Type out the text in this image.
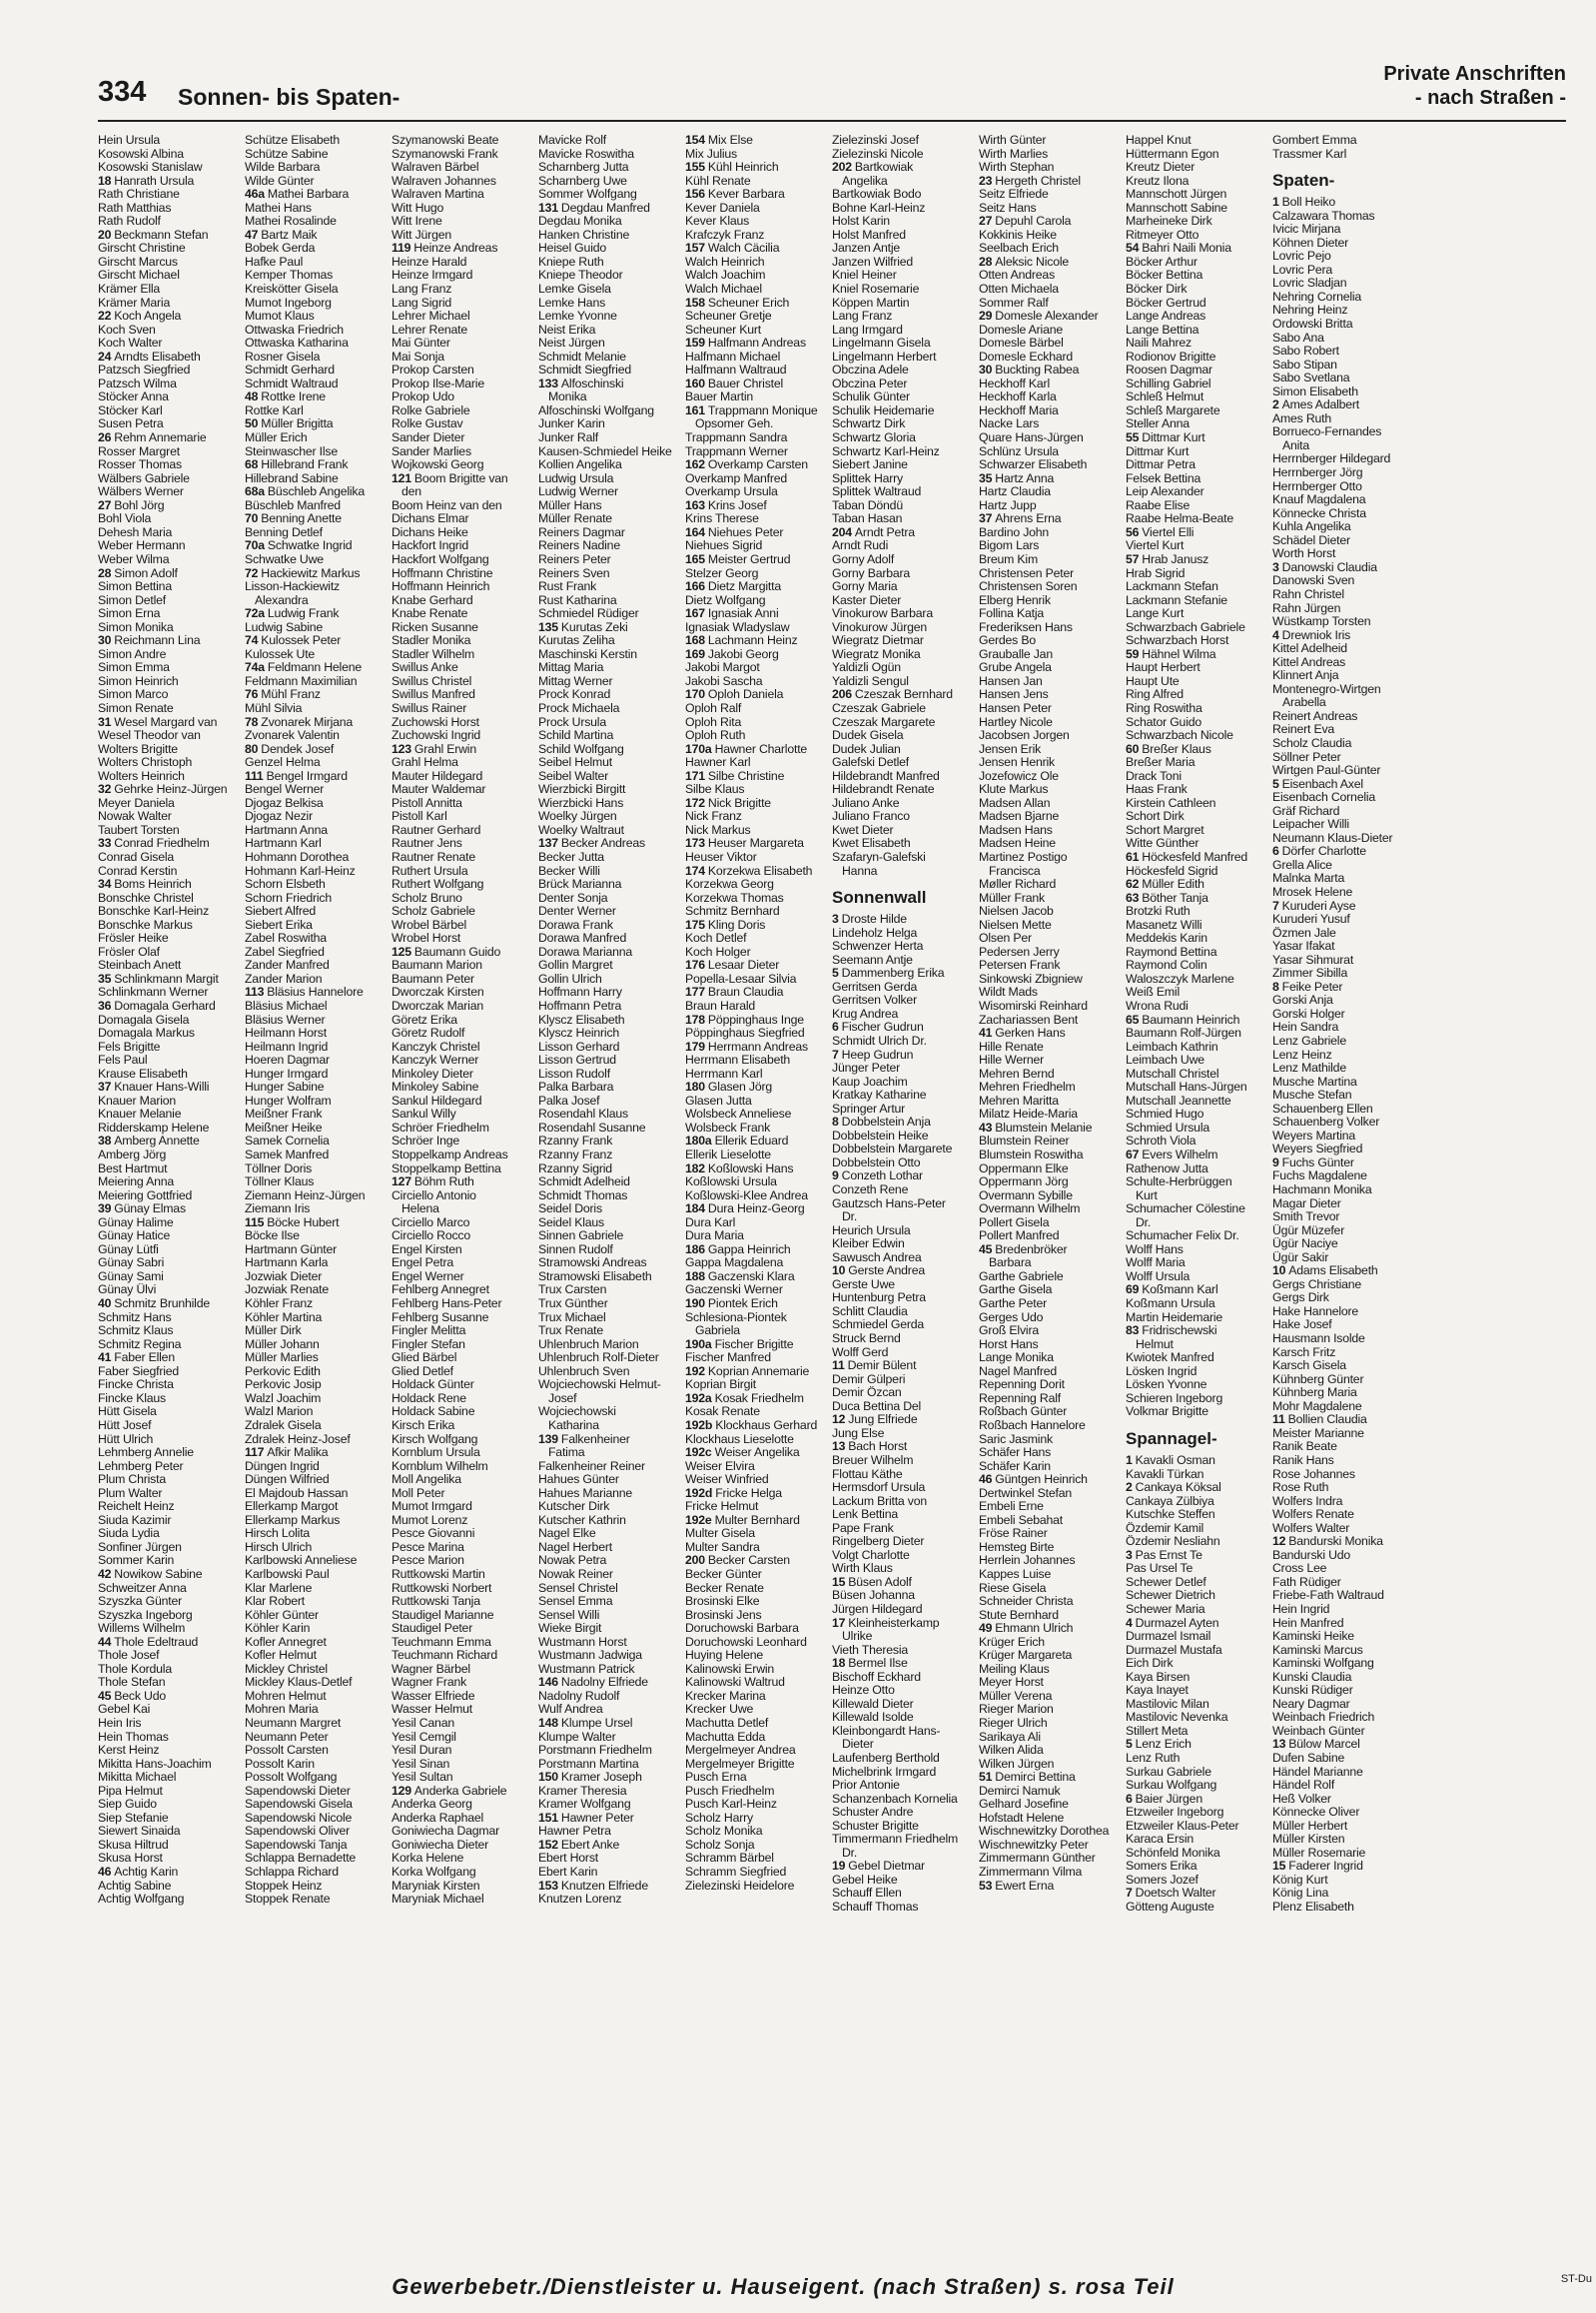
334 Sonnen- bis Spaten-
Private Anschriften
- nach Straßen -
Hein Ursula
Kosowski Albina
Kosowski Stanislaw
18 Hanrath Ursula
Rath Christiane
Rath Matthias
Rath Rudolf
20 Beckmann Stefan
Girscht Christine
Girscht Marcus
Girscht Michael
Krämer Ella
Krämer Maria
22 Koch Angela
Koch Sven
Koch Walter
24 Arndts Elisabeth
Patzsch Siegfried
Patzsch Wilma
Stöcker Anna
Stöcker Karl
Susen Petra
26 Rehm Annemarie
Rosser Margret
Rosser Thomas
Wälbers Gabriele
Wälbers Werner
27 Bohl Jörg
Bohl Viola
Dehesh Maria
Weber Hermann
Weber Wilma
28 Simon Adolf
Simon Bettina
Simon Detlef
Simon Erna
Simon Monika
30 Reichmann Lina
Simon Andre
Simon Emma
Simon Heinrich
Simon Marco
Simon Renate
31 Wesel Margard van
Wesel Theodor van
Wolters Brigitte
Wolters Christoph
Wolters Heinrich
32 Gehrke Heinz-Jürgen
Meyer Daniela
Nowak Walter
Taubert Torsten
33 Conrad Friedhelm
Conrad Gisela
Conrad Kerstin
34 Boms Heinrich
Bonschke Christel
Bonschke Karl-Heinz
Bonschke Markus
Frösler Heike
Frösler Olaf
Steinbach Anett
35 Schlinkmann Margit
Schlinkmann Werner
36 Domagala Gerhard
Domagala Gisela
Domagala Markus
Fels Brigitte
Fels Paul
Krause Elisabeth
37 Knauer Hans-Willi
Knauer Marion
Knauer Melanie
Ridderskamp Helene
38 Amberg Annette
Amberg Jörg
Best Hartmut
Meiering Anna
Meiering Gottfried
39 Günay Elmas
Günay Halime
Günay Hatice
Günay Lütfi
Günay Sabri
Günay Sami
Günay Ülvi
40 Schmitz Brunhilde
Schmitz Hans
Schmitz Klaus
Schmitz Regina
41 Faber Ellen
Faber Siegfried
Fincke Christa
Fincke Klaus
Hütt Gisela
Hütt Josef
Hütt Ulrich
Lehmberg Annelie
Lehmberg Peter
Plum Christa
Plum Walter
Reichelt Heinz
Siuda Kazimir
Siuda Lydia
Sonfiner Jürgen
Sommer Karin
42 Nowikow Sabine
Schweitzer Anna
Szyszka Günter
Szyszka Ingeborg
Willems Wilhelm
44 Thole Edeltraud
Thole Josef
Thole Kordula
Thole Stefan
45 Beck Udo
Gebel Kai
Hein Iris
Hein Thomas
Kerst Heinz
Mikitta Hans-Joachim
Mikitta Michael
Pipa Helmut
Siep Guido
Siep Stefanie
Siewert Sinaida
Skusa Hiltrud
Skusa Horst
46 Achtig Karin
Achtig Sabine
Achtig Wolfgang
Schütze Elisabeth
Schütze Sabine
Wilde Barbara
Wilde Günter
46a Mathei Barbara
Mathei Hans
Mathei Rosalinde
47 Bartz Maik
Bobek Gerda
Hafke Paul
Kemper Thomas
Kreiskötter Gisela
Mumot Ingeborg
Mumot Klaus
Ottwaska Friedrich
Ottwaska Katharina
Rosner Gisela
Schmidt Gerhard
Schmidt Waltraud
48 Rottke Irene
Rottke Karl
50 Müller Brigitta
Müller Erich
Steinwascher Ilse
68 Hillebrand Frank
Hillebrand Sabine
68a Büschleb Angelika
Büschleb Manfred
70 Benning Anette
Benning Detlef
70a Schwatke Ingrid
Schwatke Uwe
72 Hackiewitz Markus
Lisson-Hackiewitz
Alexandra
72a Ludwig Frank
Ludwig Sabine
74 Kulossek Peter
Kulossek Ute
74a Feldmann Helene
Feldmann Maximilian
76 Mühl Franz
Mühl Silvia
78 Zvonarek Mirjana
Zvonarek Valentin
80 Dendek Josef
Genzel Helma
111 Bengel Irmgard
Bengel Werner
Djogaz Belkisa
Djogaz Nezir
Hartmann Anna
Hartmann Karl
Hohmann Dorothea
Hohmann Karl-Heinz
Schorn Elsbeth
Schorn Friedrich
Siebert Alfred
Siebert Erika
Zabel Roswitha
Zabel Siegfried
Zander Manfred
Zander Marion
113 Bläsius Hannelore
Bläsius Michael
Bläsius Werner
Heilmann Horst
Heilmann Ingrid
Hoeren Dagmar
Hunger Irmgard
Hunger Sabine
Hunger Wolfram
Meißner Frank
Meißner Heike
Samek Cornelia
Samek Manfred
Töllner Doris
Töllner Klaus
Ziemann Heinz-Jürgen
Ziemann Iris
115 Böcke Hubert
Böcke Ilse
Hartmann Günter
Hartmann Karla
Jozwiak Dieter
Jozwiak Renate
Köhler Franz
Köhler Martina
Müller Dirk
Müller Johann
Müller Marlies
Perkovic Edith
Perkovic Josip
Walzl Joachim
Walzl Marion
Zdralek Gisela
Zdralek Heinz-Josef
117 Afkir Malika
Düngen Ingrid
Düngen Wilfried
El Majdoub Hassan
Ellerkamp Margot
Ellerkamp Markus
Hirsch Lolita
Hirsch Ulrich
Karlbowski Anneliese
Karlbowski Paul
Klar Marlene
Klar Robert
Köhler Günter
Köhler Karin
Kofler Annegret
Kofler Helmut
Mickley Christel
Mickley Klaus-Detlef
Mohren Helmut
Mohren Maria
Neumann Margret
Neumann Peter
Possolt Carsten
Possolt Karin
Possolt Wolfgang
Sapendowski Dieter
Sapendowski Gisela
Sapendowski Nicole
Sapendowski Oliver
Sapendowski Tanja
Schlappa Bernadette
Schlappa Richard
Stoppek Heinz
Stoppek Renate
Szymanowski Beate
Szymanowski Frank
Walraven Bärbel
Walraven Johannes
Walraven Martina
Witt Hugo
Witt Irene
Witt Jürgen
119 Heinze Andreas
Heinze Harald
Heinze Irmgard
Lang Franz
Lang Sigrid
Lehrer Michael
Lehrer Renate
Mai Günter
Mai Sonja
Prokop Carsten
Prokop Ilse-Marie
Prokop Udo
Rolke Gabriele
Rolke Gustav
Sander Dieter
Sander Marlies
Wojkowski Georg
121 Boom Brigitte van
den
Boom Heinz van den
Dichans Elmar
Dichans Heike
Hackfort Ingrid
Hackfort Wolfgang
Hoffmann Christine
Hoffmann Heinrich
Knabe Gerhard
Knabe Renate
Ricken Susanne
Stadler Monika
Stadler Wilhelm
Swillus Anke
Swillus Christel
Swillus Manfred
Swillus Rainer
Zuchowski Horst
Zuchowski Ingrid
123 Grahl Erwin
Grahl Helma
Mauter Hildegard
Mauter Waldemar
Pistoll Annitta
Pistoll Karl
Rautner Gerhard
Rautner Jens
Rautner Renate
Ruthert Ursula
Ruthert Wolfgang
Scholz Bruno
Scholz Gabriele
Wrobel Bärbel
Wrobel Horst
125 Baumann Guido
Baumann Marion
Baumann Peter
Dworczak Kirsten
Dworczak Marian
Göretz Erika
Göretz Rudolf
Kanczyk Christel
Kanczyk Werner
Minkoley Dieter
Minkoley Sabine
Sankul Hildegard
Sankul Willy
Schröer Friedhelm
Schröer Inge
Stoppelkamp Andreas
Stoppelkamp Bettina
127 Böhm Ruth
Circiello Antonio
Helena
Circiello Marco
Circiello Rocco
Engel Kirsten
Engel Petra
Engel Werner
Fehlberg Annegret
Fehlberg Hans-Peter
Fehlberg Susanne
Fingler Melitta
Fingler Stefan
Glied Bärbel
Glied Detlef
Holdack Günter
Holdack Rene
Holdack Sabine
Kirsch Erika
Kirsch Wolfgang
Kornblum Ursula
Kornblum Wilhelm
Moll Angelika
Moll Peter
Mumot Irmgard
Mumot Lorenz
Pesce Giovanni
Pesce Marina
Pesce Marion
Ruttkowski Martin
Ruttkowski Norbert
Ruttkowski Tanja
Staudigel Marianne
Staudigel Peter
Teuchmann Emma
Teuchmann Richard
Wagner Bärbel
Wagner Frank
Wasser Elfriede
Wasser Helmut
Yesil Canan
Yesil Cemgil
Yesil Duran
Yesil Sinan
Yesil Sultan
129 Anderka Gabriele
Anderka Georg
Anderka Raphael
Goniwiecha Dagmar
Goniwiecha Dieter
Korka Helene
Korka Wolfgang
Maryniak Kirsten
Maryniak Michael
Mavicke Rolf
Mavicke Roswitha
Scharnberg Jutta
Scharnberg Uwe
Sommer Wolfgang
131 Degdau Manfred
Degdau Monika
Hanken Christine
Heisel Guido
Kniepe Ruth
Kniepe Theodor
Lemke Gisela
Lemke Hans
Lemke Yvonne
Neist Erika
Neist Jürgen
Schmidt Melanie
Schmidt Siegfried
133 Alfoschinski
Monika
Alfoschinski Wolfgang
Junker Karin
Junker Ralf
Kausen-Schmiedel Heike
Kollien Angelika
Ludwig Ursula
Ludwig Werner
Müller Hans
Müller Renate
Reiners Dagmar
Reiners Nadine
Reiners Peter
Reiners Sven
Rust Frank
Rust Katharina
Schmiedel Rüdiger
135 Kurutas Zeki
Kurutas Zeliha
Maschinski Kerstin
Mittag Maria
Mittag Werner
Prock Konrad
Prock Michaela
Prock Ursula
Schild Martina
Schild Wolfgang
Seibel Helmut
Seibel Walter
Wierzbicki Birgitt
Wierzbicki Hans
Woelky Jürgen
Woelky Waltraut
137 Becker Andreas
Becker Jutta
Becker Willi
Brück Marianna
Denter Sonja
Denter Werner
Dorawa Frank
Dorawa Manfred
Dorawa Marianna
Gollin Margret
Gollin Ulrich
Hoffmann Harry
Hoffmann Petra
Klyscz Elisabeth
Klyscz Heinrich
Lisson Gerhard
Lisson Gertrud
Lisson Rudolf
Palka Barbara
Palka Josef
Rosendahl Klaus
Rosendahl Susanne
Rzanny Frank
Rzanny Franz
Rzanny Sigrid
Schmidt Adelheid
Schmidt Thomas
Seidel Doris
Seidel Klaus
Sinnen Gabriele
Sinnen Rudolf
Stramowski Andreas
Stramowski Elisabeth
Trux Carsten
Trux Günther
Trux Michael
Trux Renate
Uhlenbruch Marion
Uhlenbruch Rolf-Dieter
Uhlenbruch Sven
Wojciechowski Helmut-
Josef
Wojciechowski
Katharina
139 Falkenheiner
Fatima
Falkenheiner Reiner
Hahues Günter
Hahues Marianne
Kutscher Dirk
Kutscher Kathrin
Nagel Elke
Nagel Herbert
Nowak Petra
Nowak Reiner
Sensel Christel
Sensel Emma
Sensel Willi
Wieke Birgit
Wustmann Horst
Wustmann Jadwiga
Wustmann Patrick
146 Nadolny Elfriede
Nadolny Rudolf
Wulf Andrea
148 Klumpe Ursel
Klumpe Walter
Porstmann Friedhelm
Porstmann Martina
150 Kramer Joseph
Kramer Theresia
Kramer Wolfgang
151 Hawner Peter
Hawner Petra
152 Ebert Anke
Ebert Horst
Ebert Karin
153 Knutzen Elfriede
Knutzen Lorenz
154 Mix Else
Mix Julius
155 Kühl Heinrich
Kühl Renate
156 Kever Barbara
Kever Daniela
Kever Klaus
Krafczyk Franz
157 Walch Cäcilia
Walch Heinrich
Walch Joachim
Walch Michael
158 Scheuner Erich
Scheuner Gretje
Scheuner Kurt
159 Halfmann Andreas
Halfmann Michael
Halfmann Waltraud
160 Bauer Christel
Bauer Martin
161 Trappmann Monique
Opsomer Geh.
Trappmann Sandra
Trappmann Werner
162 Overkamp Carsten
Overkamp Manfred
Overkamp Ursula
163 Krins Josef
Krins Therese
164 Niehues Peter
Niehues Sigrid
165 Meister Gertrud
Stelzer Georg
166 Dietz Margitta
Dietz Wolfgang
167 Ignasiak Anni
Ignasiak Wladyslaw
168 Lachmann Heinz
169 Jakobi Georg
Jakobi Margot
Jakobi Sascha
170 Oploh Daniela
Oploh Ralf
Oploh Rita
Oploh Ruth
170a Hawner Charlotte
Hawner Karl
171 Silbe Christine
Silbe Klaus
172 Nick Brigitte
Nick Franz
Nick Markus
173 Heuser Margareta
Heuser Viktor
174 Korzekwa Elisabeth
Korzekwa Georg
Korzekwa Thomas
Schmitz Bernhard
175 Kling Doris
Koch Detlef
Koch Holger
176 Lesaar Dieter
Popella-Lesaar Silvia
177 Braun Claudia
Braun Harald
178 Pöppinghaus Inge
Pöppinghaus Siegfried
179 Herrmann Andreas
Herrmann Elisabeth
Herrmann Karl
180 Glasen Jörg
Glasen Jutta
Wolsbeck Anneliese
Wolsbeck Frank
180a Ellerik Eduard
Ellerik Lieselotte
182 Koßlowski Hans
Koßlowski Ursula
Koßlowski-Klee Andrea
184 Dura Heinz-Georg
Dura Karl
Dura Maria
186 Gappa Heinrich
Gappa Magdalena
188 Gaczenski Klara
Gaczenski Werner
190 Piontek Erich
Schlesiona-Piontek
Gabriela
190a Fischer Brigitte
Fischer Manfred
192 Koprian Annemarie
Koprian Birgit
192a Kosak Friedhelm
Kosak Renate
192b Klockhaus Gerhard
Klockhaus Lieselotte
192c Weiser Angelika
Weiser Elvira
Weiser Winfried
192d Fricke Helga
Fricke Helmut
192e Multer Bernhard
Multer Gisela
Multer Sandra
200 Becker Carsten
Becker Günter
Becker Renate
Brosinski Elke
Brosinski Jens
Doruchowski Barbara
Doruchowski Leonhard
Huying Helene
Kalinowski Erwin
Kalinowski Waltrud
Krecker Marina
Krecker Uwe
Machutta Detlef
Machutta Edda
Mergelmeyer Andrea
Mergelmeyer Brigitte
Pusch Erna
Pusch Friedhelm
Pusch Karl-Heinz
Scholz Harry
Scholz Monika
Scholz Sonja
Schramm Bärbel
Schramm Siegfried
Zielezinski Heidelore
Zielezinski Josef
Zielezinski Nicole
202 Bartkowiak
Angelika
Bartkowiak Bodo
Bohne Karl-Heinz
Holst Karin
Holst Manfred
Janzen Antje
Janzen Wilfried
Kniel Heiner
Kniel Rosemarie
Köppen Martin
Lang Franz
Lang Irmgard
Lingelmann Gisela
Lingelmann Herbert
Obczina Adele
Obczina Peter
Schulik Günter
Schulik Heidemarie
Schwartz Dirk
Schwartz Gloria
Schwartz Karl-Heinz
Siebert Janine
Splittek Harry
Splittek Waltraud
Taban Döndü
Taban Hasan
204 Arndt Petra
Arndt Rudi
Gorny Adolf
Gorny Barbara
Gorny Maria
Kaster Dieter
Vinokurow Barbara
Vinokurow Jürgen
Wiegratz Dietmar
Wiegratz Monika
Yaldizli Ogün
Yaldizli Sengul
206 Czeszak Bernhard
Czeszak Gabriele
Czeszak Margarete
Dudek Gisela
Dudek Julian
Galefski Detlef
Hildebrandt Manfred
Hildebrandt Renate
Juliano Anke
Juliano Franco
Kwet Dieter
Kwet Elisabeth
Szafaryn-Galefski
Hanna
Sonnenwall
3 Droste Hilde
Lindeholz Helga
Schwenzer Herta
Seemann Antje
5 Dammenberg Erika
Gerritsen Gerda
Gerritsen Volker
Krug Andrea
6 Fischer Gudrun
Schmidt Ulrich Dr.
7 Heep Gudrun
Jünger Peter
Kaup Joachim
Kratkay Katharine
Springer Artur
8 Dobbelstein Anja
Dobbelstein Heike
Dobbelstein Margarete
Dobbelstein Otto
9 Conzeth Lothar
Conzeth Rene
Gautzsch Hans-Peter
Dr.
Heurich Ursula
Kleiber Edwin
Sawusch Andrea
10 Gerste Andrea
Gerste Uwe
Huntenburg Petra
Schlitt Claudia
Schmiedel Gerda
Struck Bernd
Wolff Gerd
11 Demir Bülent
Demir Gülperi
Demir Özcan
Duca Bettina Del
12 Jung Elfriede
Jung Else
13 Bach Horst
Breuer Wilhelm
Flottau Käthe
Hermsdorf Ursula
Lackum Britta von
Lenk Bettina
Pape Frank
Ringelberg Dieter
Volgt Charlotte
Wirth Klaus
15 Büsen Adolf
Büsen Johanna
Jürgen Hildegard
17 Kleinheisterkamp
Ulrike
Vieth Theresia
18 Bermel Ilse
Bischoff Eckhard
Heinze Otto
Killewald Dieter
Killewald Isolde
Kleinbongardt Hans-
Dieter
Laufenberg Berthold
Michelbrink Irmgard
Prior Antonie
Schanzenbach Kornelia
Schuster Andre
Schuster Brigitte
Timmermann Friedhelm
Dr.
19 Gebel Dietmar
Gebel Heike
Schauff Ellen
Schauff Thomas
Wirth Günter
Wirth Marlies
Wirth Stephan
23 Hergeth Christel
Seitz Elfriede
Seitz Hans
27 Depuhl Carola
Kokkinis Heike
Seelbach Erich
28 Aleksic Nicole
Otten Andreas
Otten Michaela
Sommer Ralf
29 Domesle Alexander
Domesle Ariane
Domesle Bärbel
Domesle Eckhard
30 Buckting Rabea
Heckhoff Karl
Heckhoff Karla
Heckhoff Maria
Nacke Lars
Quare Hans-Jürgen
Schlünz Ursula
Schwarzer Elisabeth
35 Hartz Anna
Hartz Claudia
Hartz Jupp
37 Ahrens Erna
Bardino John
Bigom Lars
Breum Kim
Christensen Peter
Christensen Soren
Elberg Henrik
Follina Katja
Frederiksen Hans
Gerdes Bo
Grauballe Jan
Grube Angela
Hansen Jan
Hansen Jens
Hansen Peter
Hartley Nicole
Jacobsen Jorgen
Jensen Erik
Jensen Henrik
Jozefowicz Ole
Klute Markus
Madsen Allan
Madsen Bjarne
Madsen Hans
Madsen Heine
Martinez Postigo
Francisca
Møller Richard
Müller Frank
Nielsen Jacob
Nielsen Mette
Olsen Per
Pedersen Jerry
Petersen Frank
Sinkowski Zbigniew
Wildt Mads
Wisomirski Reinhard
Zachariassen Bent
41 Gerken Hans
Hille Renate
Hille Werner
Mehren Bernd
Mehren Friedhelm
Mehren Maritta
Milatz Heide-Maria
43 Blumstein Melanie
Blumstein Reiner
Blumstein Roswitha
Oppermann Elke
Oppermann Jörg
Overmann Sybille
Overmann Wilhelm
Pollert Gisela
Pollert Manfred
45 Bredenbröker
Barbara
Garthe Gabriele
Garthe Gisela
Garthe Peter
Gerges Udo
Groß Elvira
Horst Hans
Lange Monika
Nagel Manfred
Repenning Dorit
Repenning Ralf
Roßbach Günter
Roßbach Hannelore
Saric Jasmink
Schäfer Hans
Schäfer Karin
46 Güntgen Heinrich
Dertwinkel Stefan
Embeli Erne
Embeli Sebahat
Fröse Rainer
Hemsteg Birte
Herrlein Johannes
Kappes Luise
Riese Gisela
Schneider Christa
Stute Bernhard
49 Ehmann Ulrich
Krüger Erich
Krüger Margareta
Meiling Klaus
Meyer Horst
Müller Verena
Rieger Marion
Rieger Ulrich
Sarikaya Ali
Wilken Alida
Wilken Jürgen
51 Demirci Bettina
Demirci Namuk
Gelhard Josefine
Hofstadt Helene
Wischnewitzky Dorothea
Wischnewitzky Peter
Zimmermann Günther
Zimmermann Vilma
53 Ewert Erna
Happel Knut
Hüttermann Egon
Kreutz Dieter
Kreutz Ilona
Mannschott Jürgen
Mannschott Sabine
Marheineke Dirk
Ritmeyer Otto
54 Bahri Naili Monia
Böcker Arthur
Böcker Bettina
Böcker Dirk
Böcker Gertrud
Lange Andreas
Lange Bettina
Naili Mahrez
Rodionov Brigitte
Roosen Dagmar
Schilling Gabriel
Schleß Helmut
Schleß Margarete
Steller Anna
55 Dittmar Kurt
Dittmar Kurt
Dittmar Petra
Felsek Bettina
Leip Alexander
Raabe Elise
Raabe Helma-Beate
56 Viertel Elli
Viertel Kurt
57 Hrab Janusz
Hrab Sigrid
Lackmann Stefan
Lackmann Stefanie
Lange Kurt
Schwarzbach Gabriele
Schwarzbach Horst
59 Hähnel Wilma
Haupt Herbert
Haupt Ute
Ring Alfred
Ring Roswitha
Schator Guido
Schwarzbach Nicole
60 Breßer Klaus
Breßer Maria
Drack Toni
Haas Frank
Kirstein Cathleen
Schort Dirk
Schort Margret
Witte Günther
61 Höckesfeld Manfred
Höckesfeld Sigrid
62 Müller Edith
63 Böther Tanja
Brotzki Ruth
Masanetz Willi
Meddekis Karin
Raymond Bettina
Raymond Colin
Waloszczyk Marlene
Weiß Emil
Wrona Rudi
65 Baumann Heinrich
Baumann Rolf-Jürgen
Leimbach Kathrin
Leimbach Uwe
Mutschall Christel
Mutschall Hans-Jürgen
Mutschall Jeannette
Schmied Hugo
Schmied Ursula
Schroth Viola
67 Evers Wilhelm
Rathenow Jutta
Schulte-Herbrüggen
Kurt
Schumacher Cölestine
Dr.
Schumacher Felix Dr.
Wolff Hans
Wolff Maria
Wolff Ursula
69 Koßmann Karl
Koßmann Ursula
Martin Heidemarie
83 Fridrischewski
Helmut
Kwiotek Manfred
Lösken Ingrid
Lösken Yvonne
Schieren Ingeborg
Volkmar Brigitte
Spannagel-
1 Kavakli Osman
Kavakli Türkan
2 Cankaya Köksal
Cankaya Zülbiya
Kutschke Steffen
Özdemir Kamil
Özdemir Nesliahn
3 Pas Ernst Te
Pas Ursel Te
Schewer Detlef
Schewer Dietrich
Schewer Maria
4 Durmazel Ayten
Durmazel Ismail
Durmazel Mustafa
Eich Dirk
Kaya Birsen
Kaya Inayet
Mastilovic Milan
Mastilovic Nevenka
Stillert Meta
5 Lenz Erich
Lenz Ruth
Surkau Gabriele
Surkau Wolfgang
6 Baier Jürgen
Etzweiler Ingeborg
Etzweiler Klaus-Peter
Karaca Ersin
Schönfeld Monika
Somers Erika
Somers Jozef
7 Doetsch Walter
Götteng Auguste
Gombert Emma
Trassmer Karl
Spaten-
1 Boll Heiko
Calzawara Thomas
Ivicic Mirjana
Köhnen Dieter
Lovric Pejo
Lovric Pera
Lovric Sladjan
Nehring Cornelia
Nehring Heinz
Ordowski Britta
Sabo Ana
Sabo Robert
Sabo Stipan
Sabo Svetlana
Simon Elisabeth
2 Ames Adalbert
Ames Ruth
Borrueco-Fernandes
Anita
Herrnberger Hildegard
Herrnberger Jörg
Herrnberger Otto
Knauf Magdalena
Könnecke Christa
Kuhla Angelika
Schädel Dieter
Worth Horst
3 Danowski Claudia
Danowski Sven
Rahn Christel
Rahn Jürgen
Wüstkamp Torsten
4 Drewniok Iris
Kittel Adelheid
Kittel Andreas
Klinnert Anja
Montenegro-Wirtgen
Arabella
Reinert Andreas
Reinert Eva
Scholz Claudia
Söllner Peter
Wirtgen Paul-Günter
5 Eisenbach Axel
Eisenbach Cornelia
Gräf Richard
Leipacher Willi
Neumann Klaus-Dieter
6 Dörfer Charlotte
Grella Alice
Malnka Marta
Mrosek Helene
7 Kuruderi Ayse
Kuruderi Yusuf
Özmen Jale
Yasar Ifakat
Yasar Sihmurat
Zimmer Sibilla
8 Feike Peter
Gorski Anja
Gorski Holger
Hein Sandra
Lenz Gabriele
Lenz Heinz
Lenz Mathilde
Musche Martina
Musche Stefan
Schauenberg Ellen
Schauenberg Volker
Weyers Martina
Weyers Siegfried
9 Fuchs Günter
Fuchs Magdalene
Hachmann Monika
Magar Dieter
Smith Trevor
Ügür Müzefer
Ügür Naciye
Ügür Sakir
10 Adams Elisabeth
Gergs Christiane
Gergs Dirk
Hake Hannelore
Hake Josef
Hausmann Isolde
Karsch Fritz
Karsch Gisela
Kühnberg Günter
Kühnberg Maria
Mohr Magdalene
11 Bollien Claudia
Meister Marianne
Ranik Beate
Ranik Hans
Rose Johannes
Rose Ruth
Wolfers Indra
Wolfers Renate
Wolfers Walter
12 Bandurski Monika
Bandurski Udo
Cross Lee
Fath Rüdiger
Friebe-Fath Waltraud
Hein Ingrid
Hein Manfred
Kaminski Heike
Kaminski Marcus
Kaminski Wolfgang
Kunski Claudia
Kunski Rüdiger
Neary Dagmar
Weinbach Friedrich
Weinbach Günter
13 Bülow Marcel
Dufen Sabine
Händel Marianne
Händel Rolf
Heß Volker
Könnecke Oliver
Müller Herbert
Müller Kirsten
Müller Rosemarie
15 Faderer Ingrid
König Kurt
König Lina
Plenz Elisabeth
Gewerbebetr./Dienstleister u. Hauseigent. (nach Straßen) s. rosa Teil	ST-Du
